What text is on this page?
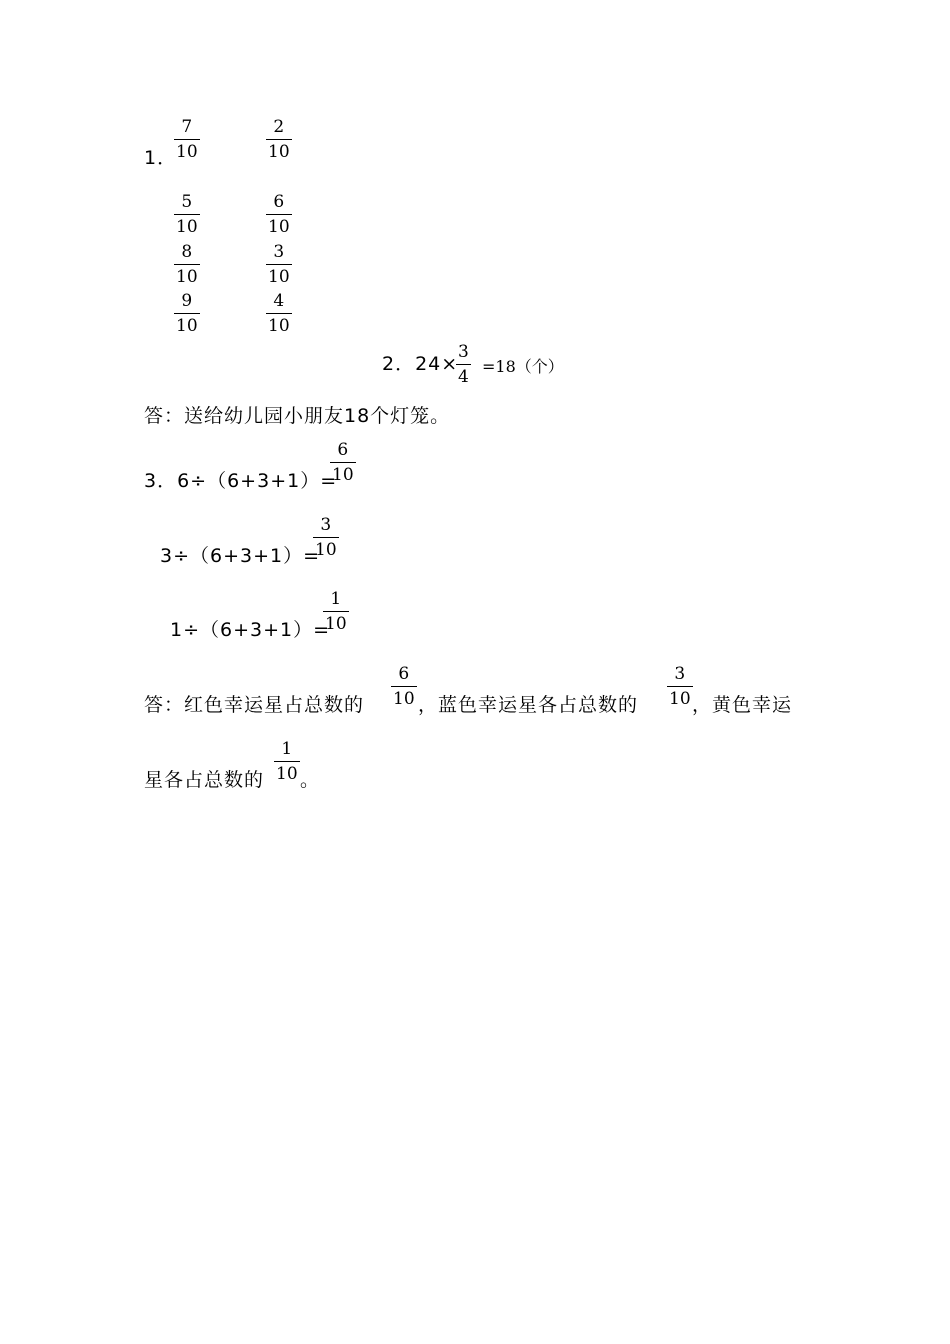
1．
7
10
2
10
5
10
6
10
8
10
3
10
9
10
4
10
2．24×
3
4
=18（个）
答：送给幼儿园小朋友18个灯笼。
3．6÷（6+3+1）=
6
10
3÷（6+3+1）=
3
10
1÷（6+3+1）=
1
10
答：红色幸运星占总数的
6
10 ，蓝色幸运星各占总数的
3
10 ，黄色幸运
星各占总数的
1
10 。
